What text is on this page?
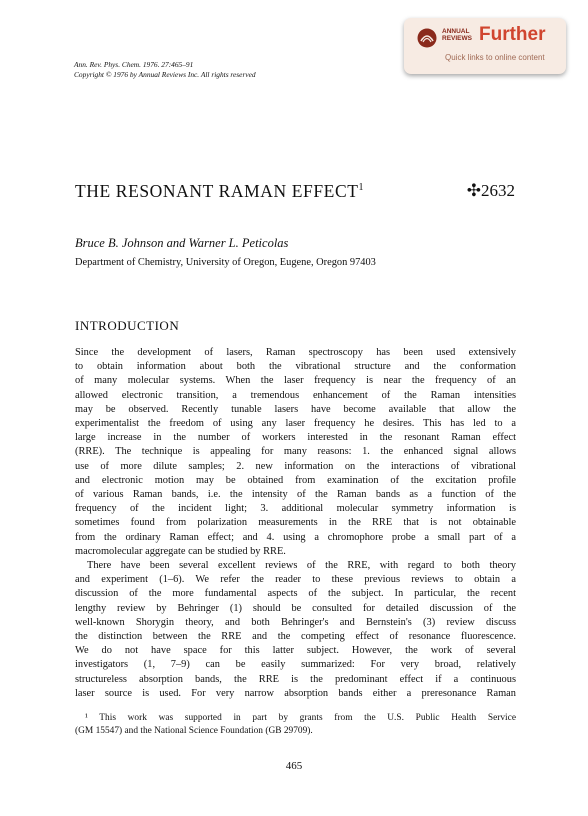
Ann. Rev. Phys. Chem. 1976. 27:465–91
Copyright © 1976 by Annual Reviews Inc. All rights reserved
ANNUAL
REVIEWS Further
Quick links to online content
THE RESONANT RAMAN EFFECT$^1$	✣2632
Bruce B. Johnson and Warner L. Peticolas
Department of Chemistry, University of Oregon, Eugene, Oregon 97403
INTRODUCTION

Since the development of lasers, Raman spectroscopy has been used extensively
to obtain information about both the vibrational structure and the conformation
of many molecular systems. When the laser frequency is near the frequency of an
allowed electronic transition, a tremendous enhancement of the Raman intensities
may be observed. Recently tunable lasers have become available that allow the
experimentalist the freedom of using any laser frequency he desires. This has led to a
large increase in the number of workers interested in the resonant Raman effect
(RRE). The technique is appealing for many reasons: 1. the enhanced signal allows
use of more dilute samples; 2. new information on the interactions of vibrational
and electronic motion may be obtained from examination of the excitation profile
of various Raman bands, i.e. the intensity of the Raman bands as a function of the
frequency of the incident light; 3. additional molecular symmetry information is
sometimes found from polarization measurements in the RRE that is not obtainable
from the ordinary Raman effect; and 4. using a chromophore probe a small part of a
macromolecular aggregate can be studied by RRE.

There have been several excellent reviews of the RRE, with regard to both theory
and experiment (1–6). We refer the reader to these previous reviews to obtain a
discussion of the more fundamental aspects of the subject. In particular, the recent
lengthy review by Behringer (1) should be consulted for detailed discussion of the
well-known Shorygin theory, and both Behringer's and Bernstein's (3) review discuss
the distinction between the RRE and the competing effect of resonance fluorescence.
We do not have space for this latter subject. However, the work of several
investigators (1, 7–9) can be easily summarized: For very broad, relatively
structureless absorption bands, the RRE is the predominant effect if a continuous
laser source is used. For very narrow absorption bands either a preresonance Raman

¹ This work was supported in part by grants from the U.S. Public Health Service
(GM 15547) and the National Science Foundation (GB 29709).
465
